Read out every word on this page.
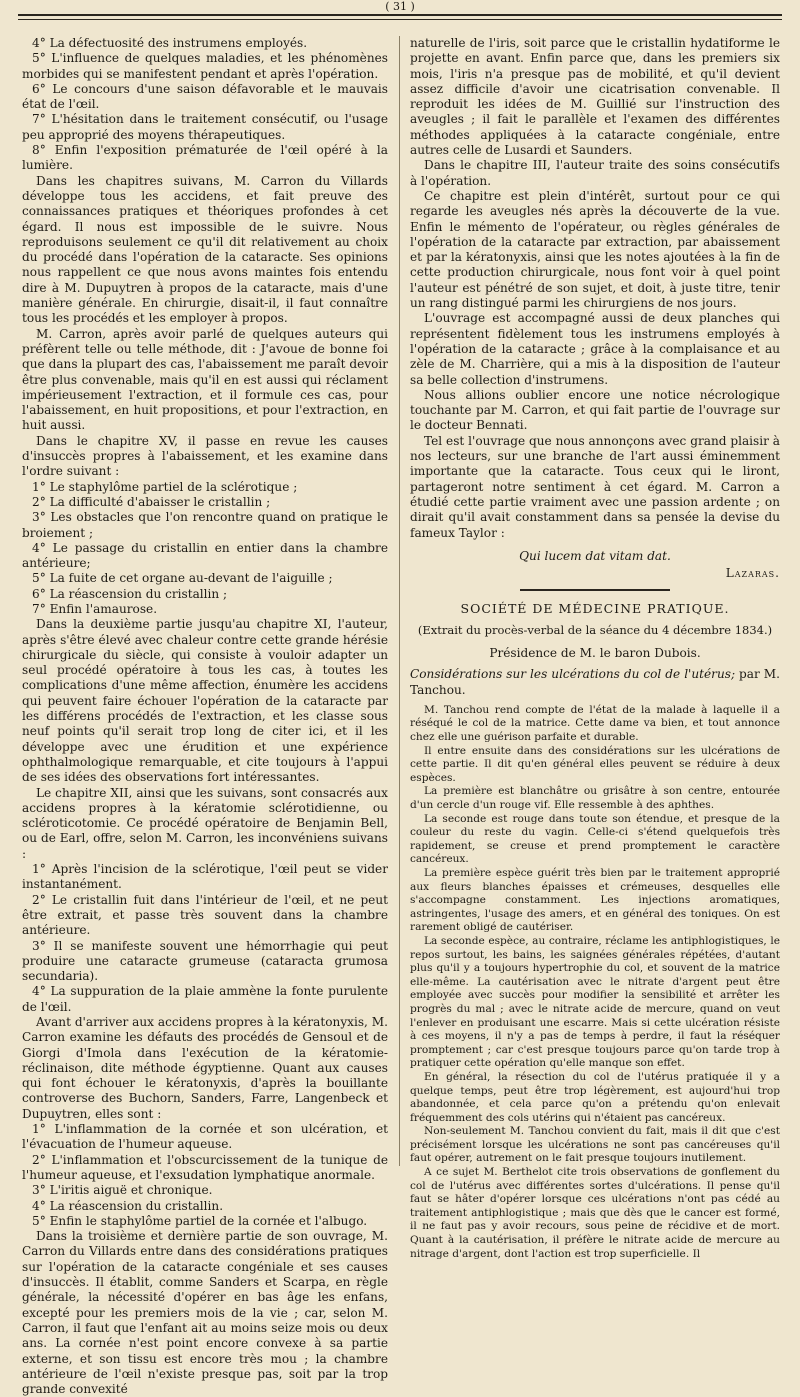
( 31 )

4° La défectuosité des instrumens employés.

5° L'influence de quelques maladies, et les phénomènes morbides qui se manifestent pendant et après l'opération.

6° Le concours d'une saison défavorable et le mauvais état de l'œil.

7° L'hésitation dans le traitement consécutif, ou l'usage peu approprié des moyens thérapeutiques.

8° Enfin l'exposition prématurée de l'œil opéré à la lumière.

Dans les chapitres suivans, M. Carron du Villards développe tous les accidens, et fait preuve des connaissances pratiques et théoriques profondes à cet égard. Il nous est impossible de le suivre. Nous reproduisons seulement ce qu'il dit relativement au choix du procédé dans l'opération de la cataracte. Ses opinions nous rappellent ce que nous avons maintes fois entendu dire à M. Dupuytren à propos de la cataracte, mais d'une manière générale. En chirurgie, disait-il, il faut connaître tous les procédés et les employer à propos.

M. Carron, après avoir parlé de quelques auteurs qui préfèrent telle ou telle méthode, dit : J'avoue de bonne foi que dans la plupart des cas, l'abaissement me paraît devoir être plus convenable, mais qu'il en est aussi qui réclament impérieusement l'extraction, et il formule ces cas, pour l'abaissement, en huit propositions, et pour l'extraction, en huit aussi.

Dans le chapitre XV, il passe en revue les causes d'insuccès propres à l'abaissement, et les examine dans l'ordre suivant :

1° Le staphylôme partiel de la sclérotique ;

2° La difficulté d'abaisser le cristallin ;

3° Les obstacles que l'on rencontre quand on pratique le broiement ;

4° Le passage du cristallin en entier dans la chambre antérieure;

5° La fuite de cet organe au-devant de l'aiguille ;

6° La réascension du cristallin ;

7° Enfin l'amaurose.

Dans la deuxième partie jusqu'au chapitre XI, l'auteur, après s'être élevé avec chaleur contre cette grande hérésie chirurgicale du siècle, qui consiste à vouloir adapter un seul procédé opératoire à tous les cas, à toutes les complications d'une même affection, énumère les accidens qui peuvent faire échouer l'opération de la cataracte par les différens procédés de l'extraction, et les classe sous neuf points qu'il serait trop long de citer ici, et il les développe avec une érudition et une expérience ophthalmologique remarquable, et cite toujours à l'appui de ses idées des observations fort intéressantes.

Le chapitre XII, ainsi que les suivans, sont consacrés aux accidens propres à la kératomie sclérotidienne, ou scléroticotomie. Ce procédé opératoire de Benjamin Bell, ou de Earl, offre, selon M. Carron, les inconvéniens suivans :

1° Après l'incision de la sclérotique, l'œil peut se vider instantanément.

2° Le cristallin fuit dans l'intérieur de l'œil, et ne peut être extrait, et passe très souvent dans la chambre antérieure.

3° Il se manifeste souvent une hémorrhagie qui peut produire une cataracte grumeuse (cataracta grumosa secundaria).

4° La suppuration de la plaie ammène la fonte purulente de l'œil.

Avant d'arriver aux accidens propres à la kératonyxis, M. Carron examine les défauts des procédés de Gensoul et de Giorgi d'Imola dans l'exécution de la kératomie-réclinaison, dite méthode égyptienne. Quant aux causes qui font échouer le kératonyxis, d'après la bouillante controverse des Buchorn, Sanders, Farre, Langenbeck et Dupuytren, elles sont :

1° L'inflammation de la cornée et son ulcération, et l'évacuation de l'humeur aqueuse.

2° L'inflammation et l'obscurcissement de la tunique de l'humeur aqueuse, et l'exsudation lymphatique anormale.

3° L'iritis aiguë et chronique.

4° La réascension du cristallin.

5° Enfin le staphylôme partiel de la cornée et l'albugo.

Dans la troisième et dernière partie de son ouvrage, M. Carron du Villards entre dans des considérations pratiques sur l'opération de la cataracte congéniale et ses causes d'insuccès. Il établit, comme Sanders et Scarpa, en règle générale, la nécessité d'opérer en bas âge les enfans, excepté pour les premiers mois de la vie ; car, selon M. Carron, il faut que l'enfant ait au moins seize mois ou deux ans. La cornée n'est point encore convexe à sa partie externe, et son tissu est encore très mou ; la chambre antérieure de l'œil n'existe presque pas, soit par la trop grande convexité

naturelle de l'iris, soit parce que le cristallin hydatiforme le projette en avant. Enfin parce que, dans les premiers six mois, l'iris n'a presque pas de mobilité, et qu'il devient assez difficile d'avoir une cicatrisation convenable. Il reproduit les idées de M. Guillié sur l'instruction des aveugles ; il fait le parallèle et l'examen des différentes méthodes appliquées à la cataracte congéniale, entre autres celle de Lusardi et Saunders.

Dans le chapitre III, l'auteur traite des soins consécutifs à l'opération.

Ce chapitre est plein d'intérêt, surtout pour ce qui regarde les aveugles nés après la découverte de la vue. Enfin le mémento de l'opérateur, ou règles générales de l'opération de la cataracte par extraction, par abaissement et par la kératonyxis, ainsi que les notes ajoutées à la fin de cette production chirurgicale, nous font voir à quel point l'auteur est pénétré de son sujet, et doit, à juste titre, tenir un rang distingué parmi les chirurgiens de nos jours.

L'ouvrage est accompagné aussi de deux planches qui représentent fidèlement tous les instrumens employés à l'opération de la cataracte ; grâce à la complaisance et au zèle de M. Charrière, qui a mis à la disposition de l'auteur sa belle collection d'instrumens.

Nous allions oublier encore une notice nécrologique touchante par M. Carron, et qui fait partie de l'ouvrage sur le docteur Bennati.

Tel est l'ouvrage que nous annonçons avec grand plaisir à nos lecteurs, sur une branche de l'art aussi éminemment importante que la cataracte. Tous ceux qui le liront, partageront notre sentiment à cet égard. M. Carron a étudié cette partie vraiment avec une passion ardente ; on dirait qu'il avait constamment dans sa pensée la devise du fameux Taylor :

Qui lucem dat vitam dat.

Lazaras.

SOCIÉTÉ DE MÉDECINE PRATIQUE.

(Extrait du procès-verbal de la séance du 4 décembre 1834.)

Présidence de M. le baron Dubois.

Considérations sur les ulcérations du col de l'utérus; par M. Tanchou.

M. Tanchou rend compte de l'état de la malade à laquelle il a réséqué le col de la matrice. Cette dame va bien, et tout annonce chez elle une guérison parfaite et durable.

Il entre ensuite dans des considérations sur les ulcérations de cette partie. Il dit qu'en général elles peuvent se réduire à deux espèces.

La première est blanchâtre ou grisâtre à son centre, entourée d'un cercle d'un rouge vif. Elle ressemble à des aphthes.

La seconde est rouge dans toute son étendue, et presque de la couleur du reste du vagin. Celle-ci s'étend quelquefois très rapidement, se creuse et prend promptement le caractère cancéreux.

La première espèce guérit très bien par le traitement approprié aux fleurs blanches épaisses et crémeuses, desquelles elle s'accompagne constamment. Les injections aromatiques, astringentes, l'usage des amers, et en général des toniques. On est rarement obligé de cautériser.

La seconde espèce, au contraire, réclame les antiphlogistiques, le repos surtout, les bains, les saignées générales répétées, d'autant plus qu'il y a toujours hypertrophie du col, et souvent de la matrice elle-même. La cautérisation avec le nitrate d'argent peut être employée avec succès pour modifier la sensibilité et arrêter les progrès du mal ; avec le nitrate acide de mercure, quand on veut l'enlever en produisant une escarre. Mais si cette ulcération résiste à ces moyens, il n'y a pas de temps à perdre, il faut la réséquer promptement ; car c'est presque toujours parce qu'on tarde trop à pratiquer cette opération qu'elle manque son effet.

En général, la résection du col de l'utérus pratiquée il y a quelque temps, peut être trop légèrement, est aujourd'hui trop abandonnée, et cela parce qu'on a prétendu qu'on enlevait fréquemment des cols utérins qui n'étaient pas cancéreux.

Non-seulement M. Tanchou convient du fait, mais il dit que c'est précisément lorsque les ulcérations ne sont pas cancéreuses qu'il faut opérer, autrement on le fait presque toujours inutilement.

A ce sujet M. Berthelot cite trois observations de gonflement du col de l'utérus avec différentes sortes d'ulcérations. Il pense qu'il faut se hâter d'opérer lorsque ces ulcérations n'ont pas cédé au traitement antiphlogistique ; mais que dès que le cancer est formé, il ne faut pas y avoir recours, sous peine de récidive et de mort. Quant à la cautérisation, il préfère le nitrate acide de mercure au nitrage d'argent, dont l'action est trop superficielle. Il
